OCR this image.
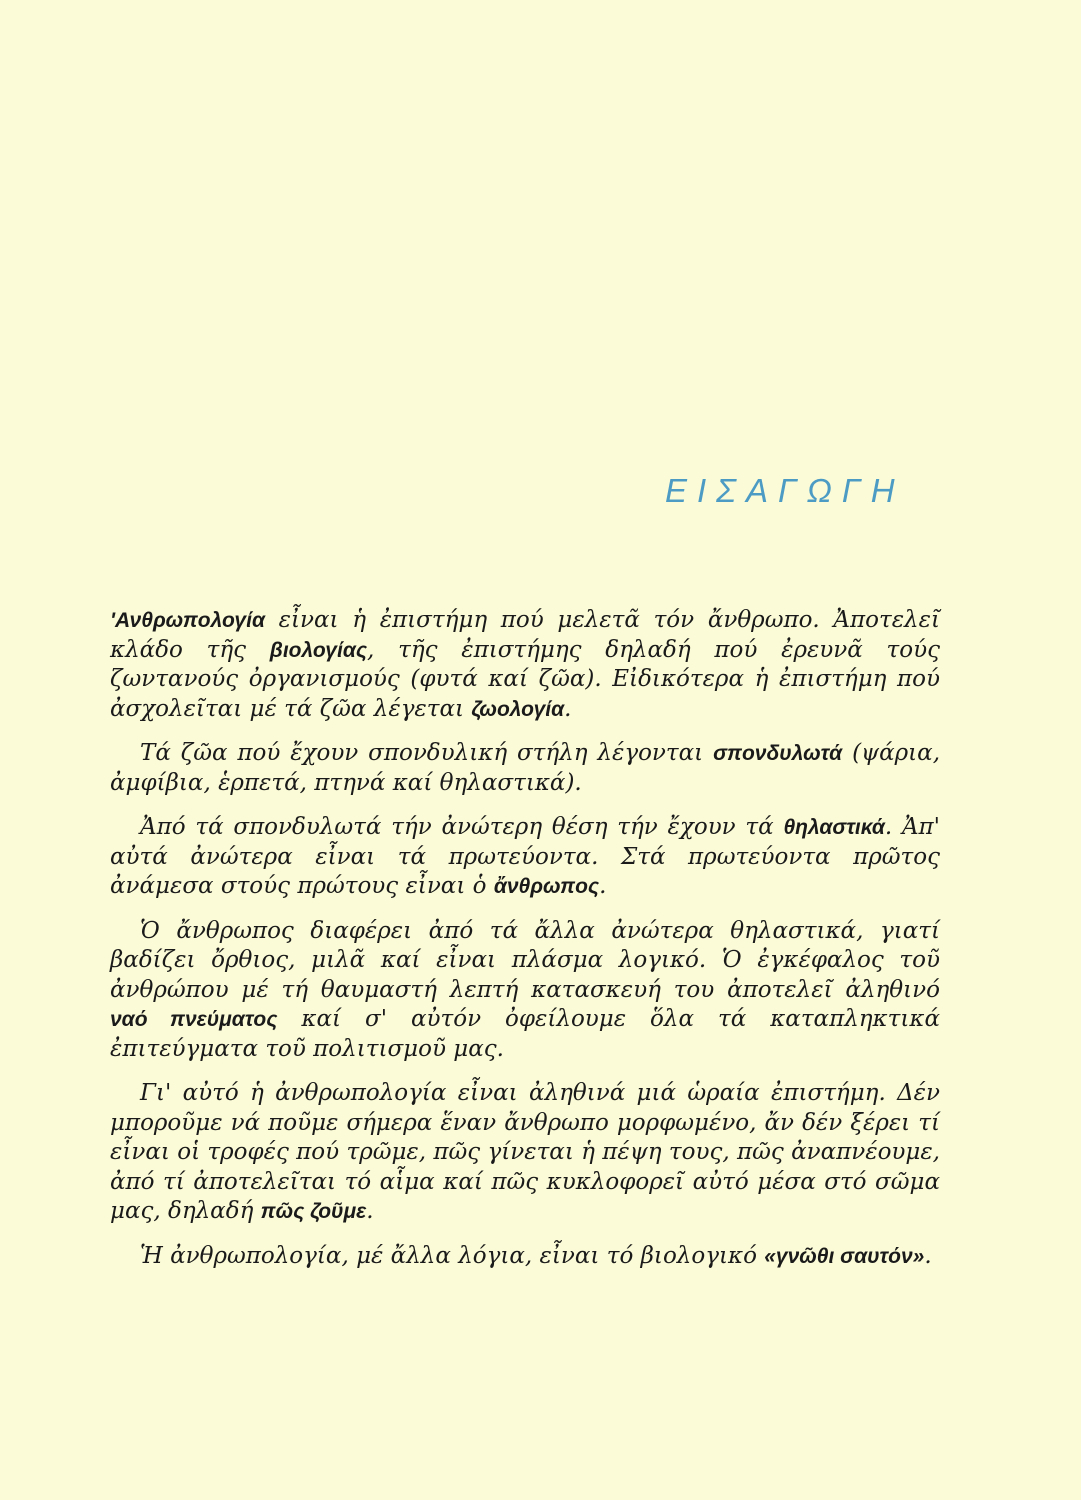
ΕΙΣΑΓΩΓΗ

'Ανθρωπολογία εἶναι ἡ ἐπιστήμη πού μελετᾶ τόν ἄνθρωπο. Ἀποτελεῖ κλάδο τῆς βιολογίας, τῆς ἐπιστήμης δηλαδή πού ἐρευνᾶ τούς ζωντανούς ὀργανισμούς (φυτά καί ζῶα). Εἰδικότερα ἡ ἐπιστήμη πού ἀσχολεῖται μέ τά ζῶα λέγεται ζωολογία.

Τά ζῶα πού ἔχουν σπονδυλική στήλη λέγονται σπονδυλωτά (ψάρια, ἀμφίβια, ἑρπετά, πτηνά καί θηλαστικά).

Ἀπό τά σπονδυλωτά τήν ἀνώτερη θέση τήν ἔχουν τά θηλαστικά. Ἀπ' αὐτά ἀνώτερα εἶναι τά πρωτεύοντα. Στά πρωτεύοντα πρῶτος ἀνάμεσα στούς πρώτους εἶναι ὁ ἄνθρωπος.

Ὁ ἄνθρωπος διαφέρει ἀπό τά ἄλλα ἀνώτερα θηλαστικά, γιατί βαδίζει ὄρθιος, μιλᾶ καί εἶναι πλάσμα λογικό. Ὁ ἐγκέφαλος τοῦ ἀνθρώπου μέ τή θαυμαστή λεπτή κατασκευή του ἀποτελεῖ ἀληθινό ναό πνεύματος καί σ' αὐτόν ὀφείλουμε ὅλα τά καταπληκτικά ἐπιτεύγματα τοῦ πολιτισμοῦ μας.

Γι' αὐτό ἡ ἀνθρωπολογία εἶναι ἀληθινά μιά ὡραία ἐπιστήμη. Δέν μποροῦμε νά ποῦμε σήμερα ἕναν ἄνθρωπο μορφωμένο, ἄν δέν ξέρει τί εἶναι οἱ τροφές πού τρῶμε, πῶς γίνεται ἡ πέψη τους, πῶς ἀναπνέουμε, ἀπό τί ἀποτελεῖται τό αἷμα καί πῶς κυκλοφορεῖ αὐτό μέσα στό σῶμα μας, δηλαδή πῶς ζοῦμε.

Ἡ ἀνθρωπολογία, μέ ἄλλα λόγια, εἶναι τό βιολογικό «γνῶθι σαυτόν».
